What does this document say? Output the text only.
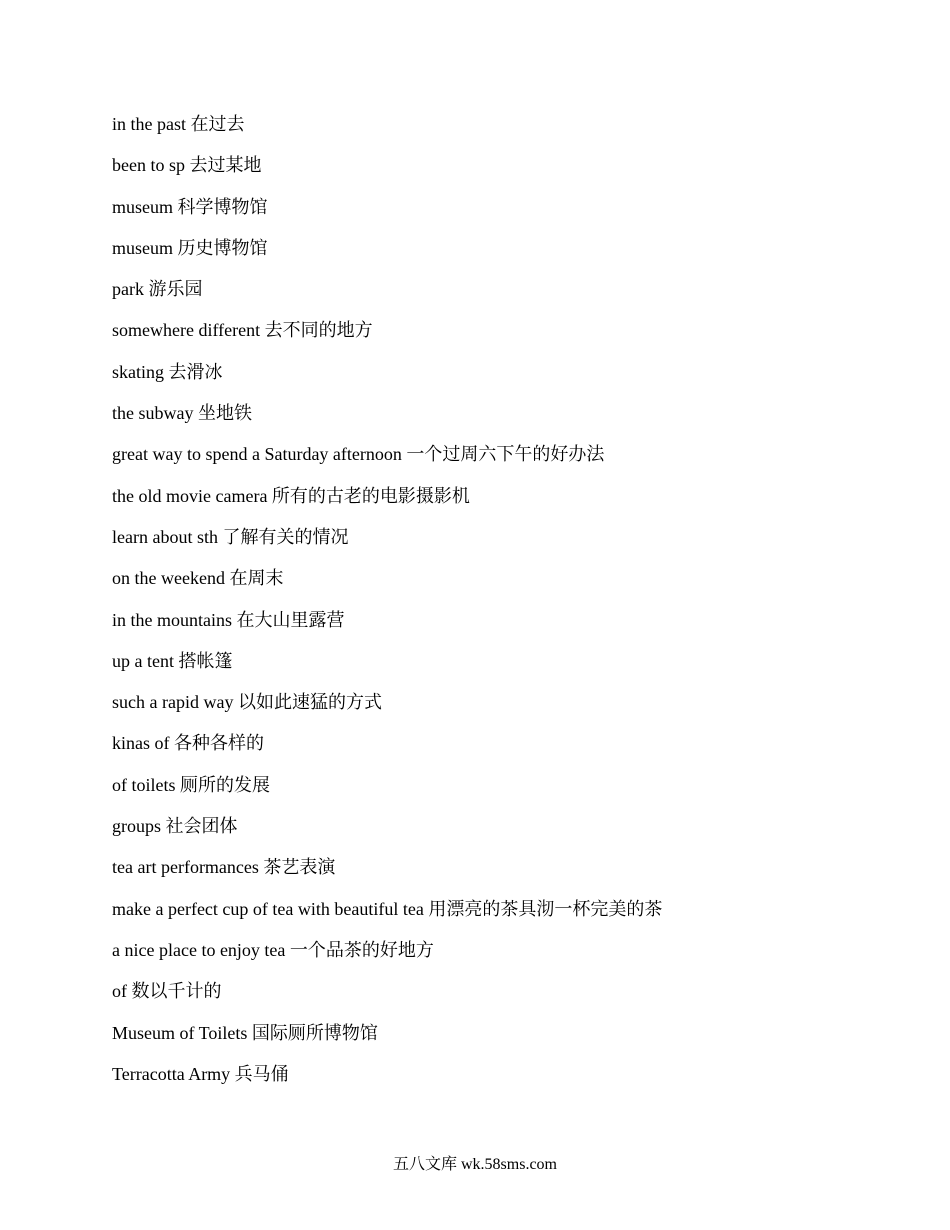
in the past 在过去
been to sp 去过某地
museum 科学博物馆
museum 历史博物馆
park 游乐园
somewhere different 去不同的地方
skating 去滑冰
the subway 坐地铁
great way to spend a Saturday afternoon 一个过周六下午的好办法
the old movie camera 所有的古老的电影摄影机
learn about sth 了解有关的情况
on the weekend 在周末
in the mountains 在大山里露营
up a tent 搭帐篷
such a rapid way 以如此速猛的方式
kinas of 各种各样的
of toilets 厕所的发展
groups 社会团体
tea art performances 茶艺表演
make a perfect cup of tea with beautiful tea 用漂亮的茶具沏一杯完美的茶
a nice place to enjoy tea 一个品茶的好地方
of 数以千计的
Museum of Toilets 国际厕所博物馆
Terracotta Army 兵马俑
五八文库 wk.58sms.com
